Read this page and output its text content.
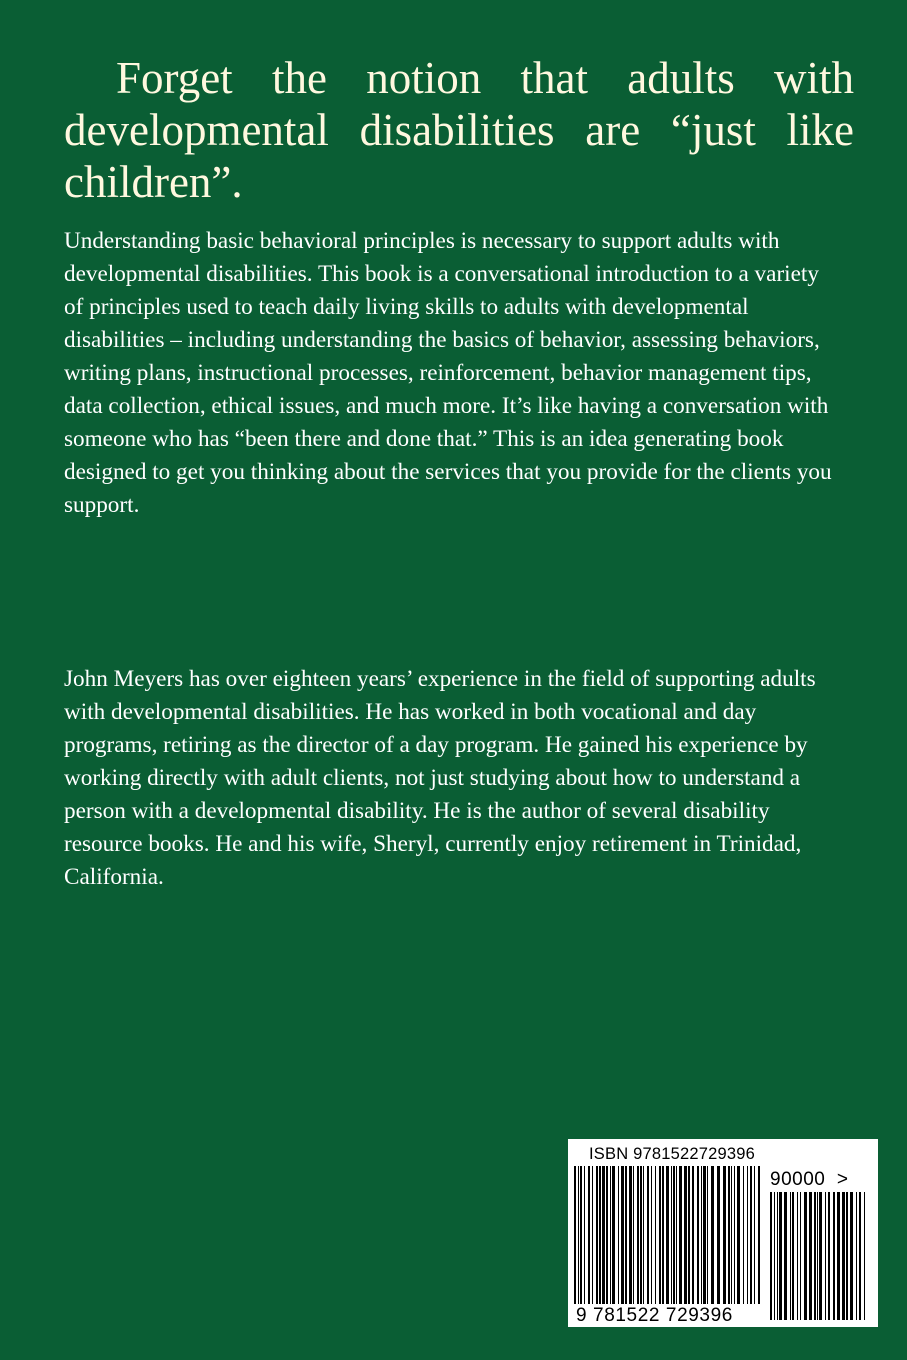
Forget the notion that adults with developmental disabilities are “just like children”.

Understanding basic behavioral principles is necessary to support adults with developmental disabilities. This book is a conversational introduction to a variety of principles used to teach daily living skills to adults with developmental disabilities – including understanding the basics of behavior, assessing behaviors, writing plans, instructional processes, reinforcement, behavior management tips, data collection, ethical issues, and much more. It’s like having a conversation with someone who has “been there and done that.” This is an idea generating book designed to get you thinking about the services that you provide for the clients you support.

John Meyers has over eighteen years’ experience in the field of supporting adults with developmental disabilities. He has worked in both vocational and day programs, retiring as the director of a day program. He gained his experience by working directly with adult clients, not just studying about how to understand a person with a developmental disability. He is the author of several disability resource books. He and his wife, Sheryl, currently enjoy retirement in Trinidad, California.

ISBN 9781522729396
9 781522 729396
90000 >
